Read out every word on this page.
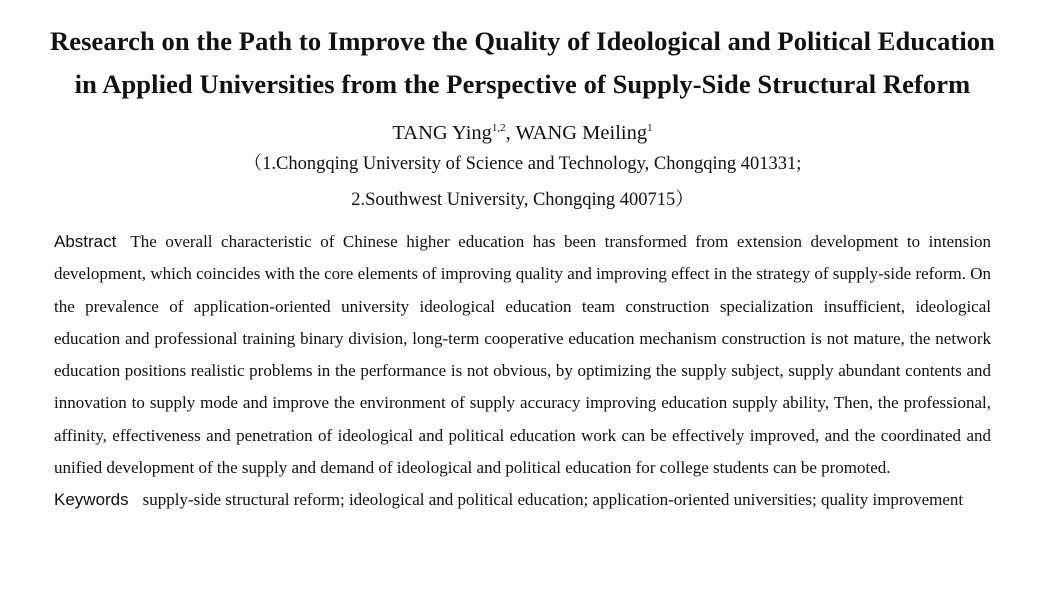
Research on the Path to Improve the Quality of Ideological and Political Education
in Applied Universities from the Perspective of Supply-Side Structural Reform
TANG Ying$^{1,2}$, WANG Meiling$^1$
（1.Chongqing University of Science and Technology, Chongqing 401331;
2.Southwest University, Chongqing 400715）
Abstract The overall characteristic of Chinese higher education has been transformed from extension development to intension development, which coincides with the core elements of improving quality and improving effect in the strategy of supply-side reform. On the prevalence of application-oriented university ideological education team construction specialization insufficient, ideological education and professional training binary division, long-term cooperative education mechanism construction is not mature, the network education positions realistic problems in the performance is not obvious, by optimizing the supply subject, supply abundant contents and innovation to supply mode and improve the environment of supply accuracy improving education supply ability, Then, the professional, affinity, effectiveness and penetration of ideological and political education work can be effectively improved, and the coordinated and unified development of the supply and demand of ideological and political education for college students can be promoted.
Keywords supply-side structural reform; ideological and political education; application-oriented universities; quality improvement
